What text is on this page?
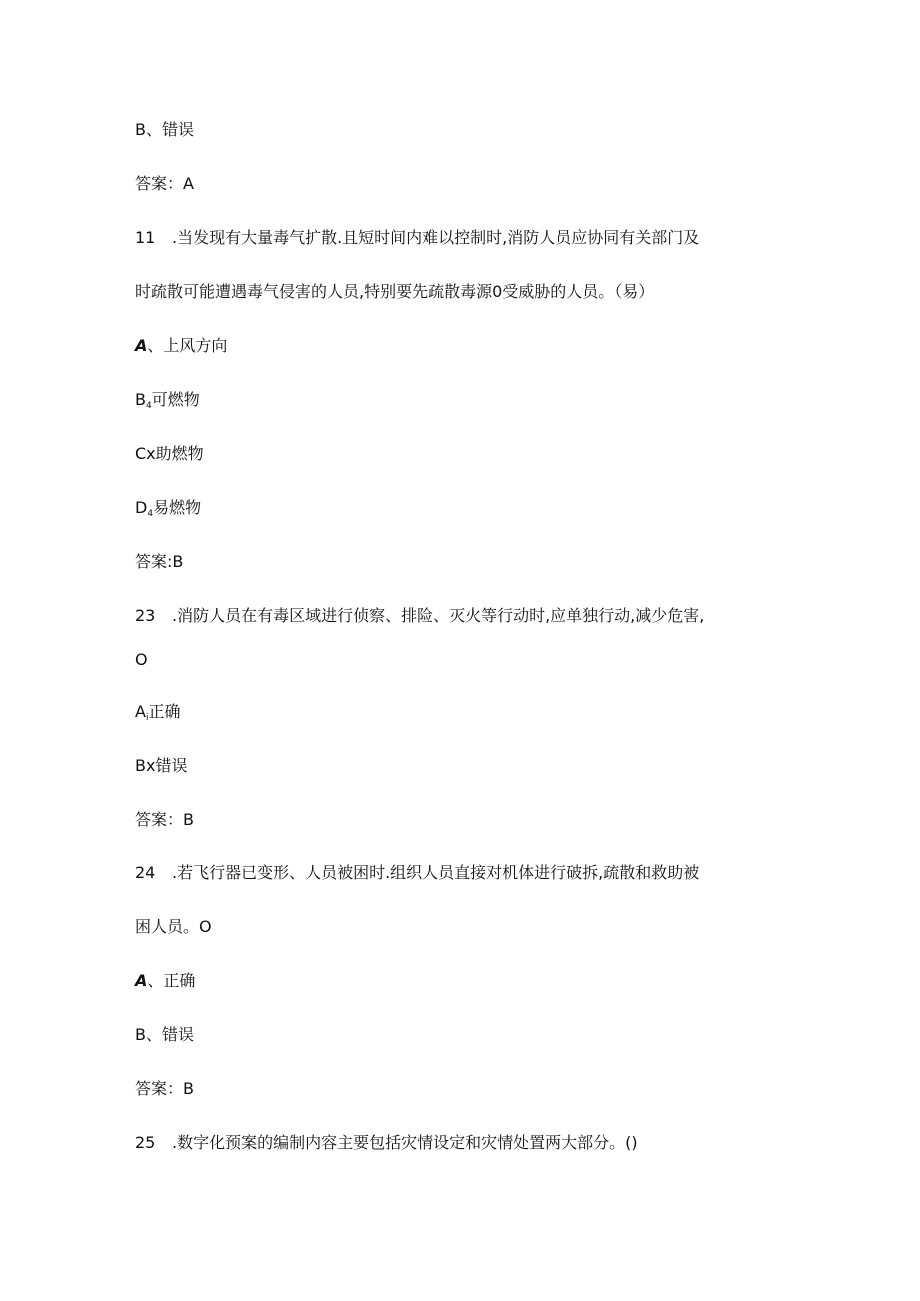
B、错误
答案：A
11 .当发现有大量毒气扩散.且短时间内难以控制时,消防人员应协同有关部门及
时疏散可能遭遇毒气侵害的人员,特别要先疏散毒源0受威胁的人员。（易）
A、上风方向
$B_4$可燃物
Cx助燃物
$D_4$易燃物
答案:B
23 .消防人员在有毒区域进行侦察、排险、灭火等行动时,应单独行动,减少危害,
O
$A_i$正确
Bx错误
答案：B
24 .若飞行器已变形、人员被困时.组织人员直接对机体进行破拆,疏散和救助被
困人员。O
A、正确
B、错误
答案：B
25 .数字化预案的编制内容主要包括灾情设定和灾情处置两大部分。()
